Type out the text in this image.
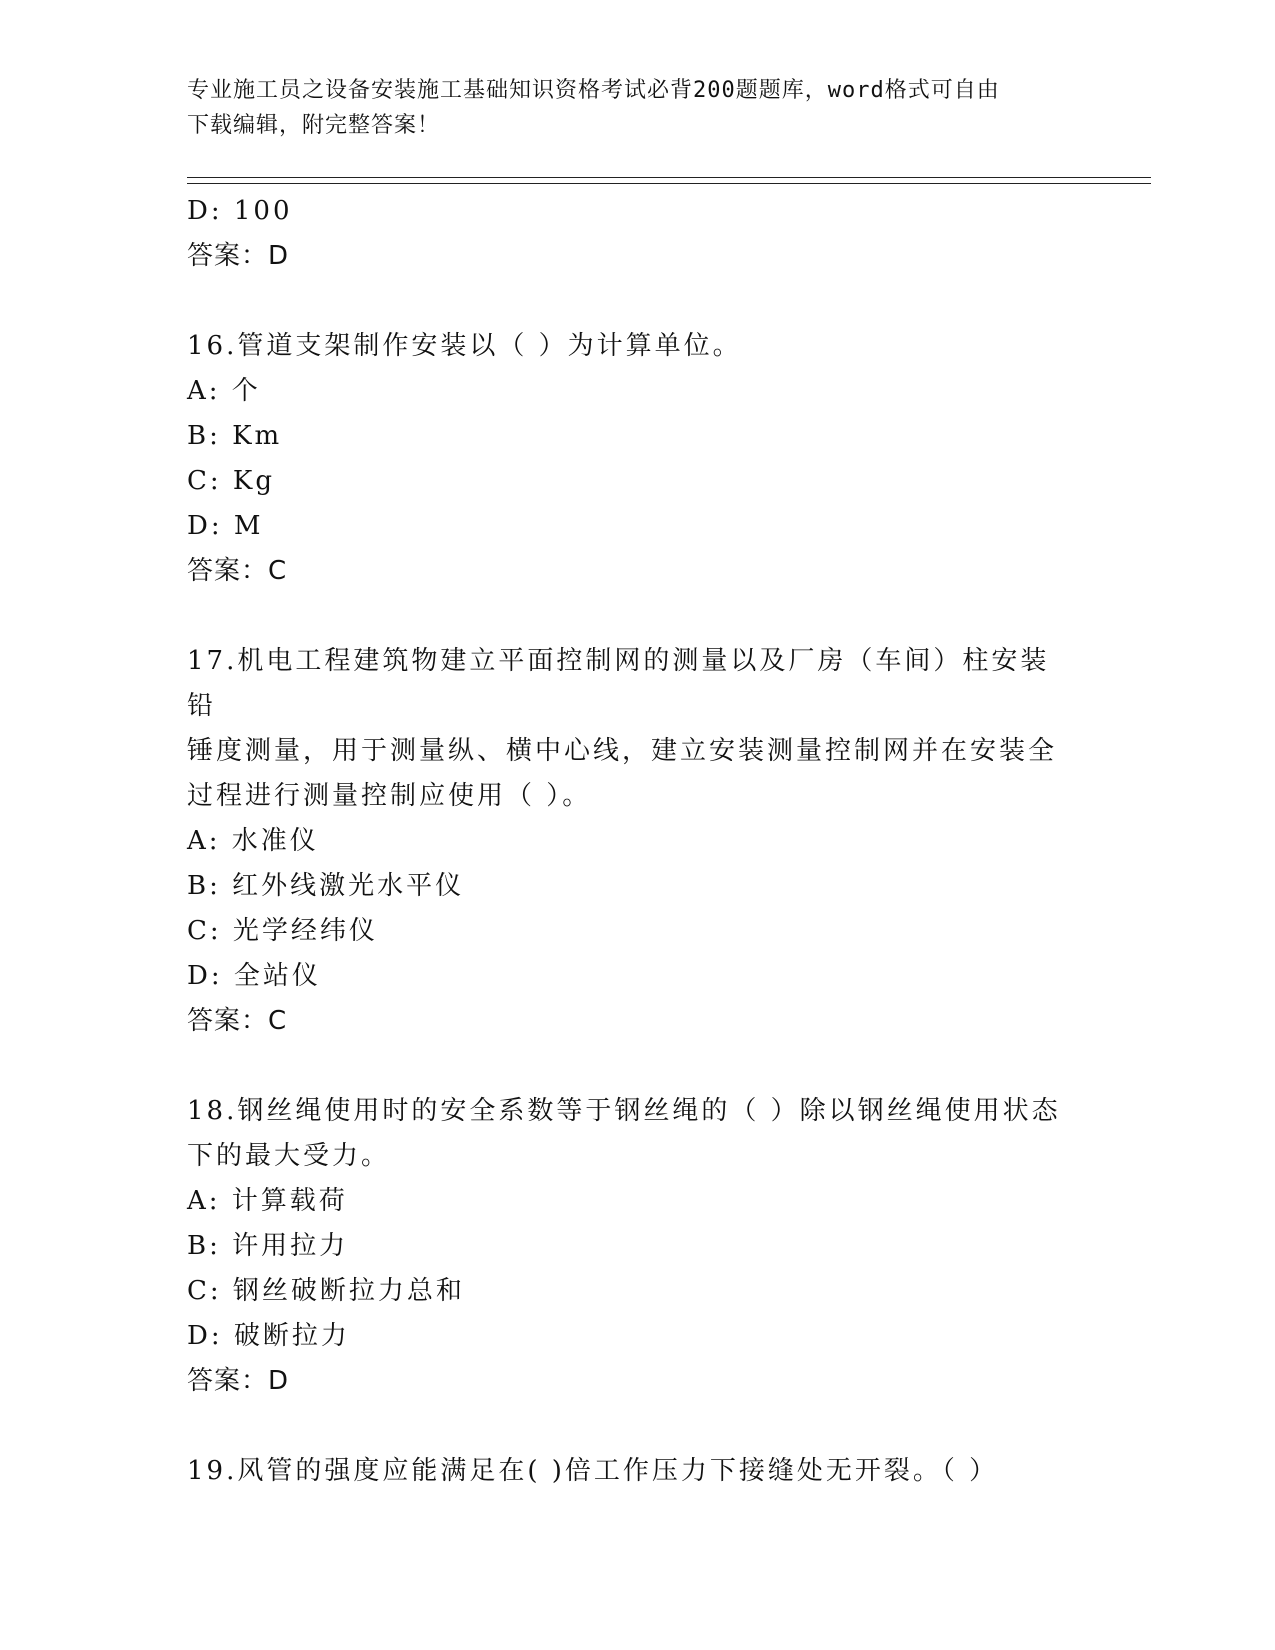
专业施工员之设备安装施工基础知识资格考试必背200题题库，word格式可自由
下载编辑，附完整答案！
D: 100
答案：D
16.管道支架制作安装以（ ）为计算单位。
A: 个
B: Km
C: Kg
D: M
答案：C
17.机电工程建筑物建立平面控制网的测量以及厂房（车间）柱安装铅
锤度测量，用于测量纵、横中心线，建立安装测量控制网并在安装全
过程进行测量控制应使用（ ）。
A: 水准仪
B: 红外线激光水平仪
C: 光学经纬仪
D: 全站仪
答案：C
18.钢丝绳使用时的安全系数等于钢丝绳的（ ）除以钢丝绳使用状态
下的最大受力。
A: 计算载荷
B: 许用拉力
C: 钢丝破断拉力总和
D: 破断拉力
答案：D
19.风管的强度应能满足在( )倍工作压力下接缝处无开裂。（ ）
